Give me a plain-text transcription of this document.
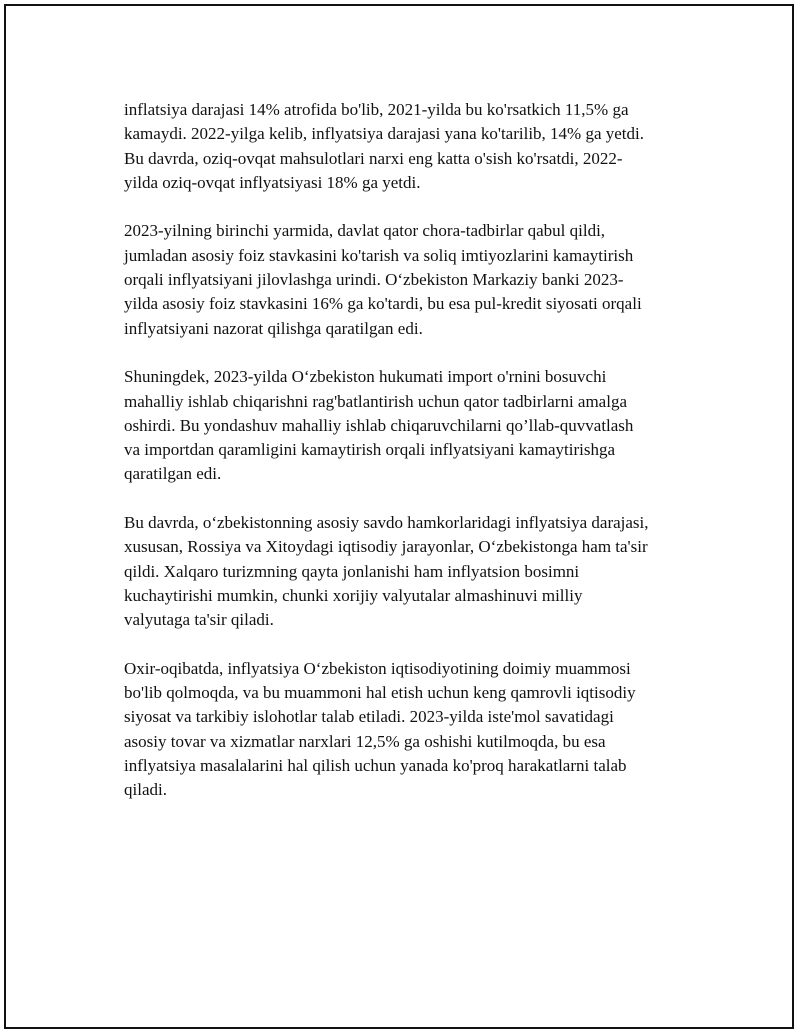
inflatsiya darajasi 14% atrofida bo'lib, 2021-yilda bu ko'rsatkich 11,5% ga
kamaydi. 2022-yilga kelib, inflyatsiya darajasi yana ko'tarilib, 14% ga yetdi.
Bu davrda, oziq-ovqat mahsulotlari narxi eng katta o'sish ko'rsatdi, 2022-
yilda oziq-ovqat inflyatsiyasi 18% ga yetdi.

2023-yilning birinchi yarmida, davlat qator chora-tadbirlar qabul qildi,
jumladan asosiy foiz stavkasini ko'tarish va soliq imtiyozlarini kamaytirish
orqali inflyatsiyani jilovlashga urindi. O‘zbekiston Markaziy banki 2023-
yilda asosiy foiz stavkasini 16% ga ko'tardi, bu esa pul-kredit siyosati orqali
inflyatsiyani nazorat qilishga qaratilgan edi.

Shuningdek, 2023-yilda O‘zbekiston hukumati import o'rnini bosuvchi
mahalliy ishlab chiqarishni rag'batlantirish uchun qator tadbirlarni amalga
oshirdi. Bu yondashuv mahalliy ishlab chiqaruvchilarni qo’llab-quvvatlash
va importdan qaramligini kamaytirish orqali inflyatsiyani kamaytirishga
qaratilgan edi.

Bu davrda, o‘zbekistonning asosiy savdo hamkorlaridagi inflyatsiya darajasi,
xususan, Rossiya va Xitoydagi iqtisodiy jarayonlar, O‘zbekistonga ham ta'sir
qildi. Xalqaro turizmning qayta jonlanishi ham inflyatsion bosimni
kuchaytirishi mumkin, chunki xorijiy valyutalar almashinuvi milliy
valyutaga ta'sir qiladi.

Oxir-oqibatda, inflyatsiya O‘zbekiston iqtisodiyotining doimiy muammosi
bo'lib qolmoqda, va bu muammoni hal etish uchun keng qamrovli iqtisodiy
siyosat va tarkibiy islohotlar talab etiladi. 2023-yilda iste'mol savatidagi
asosiy tovar va xizmatlar narxlari 12,5% ga oshishi kutilmoqda, bu esa
inflyatsiya masalalarini hal qilish uchun yanada ko'proq harakatlarni talab
qiladi.
